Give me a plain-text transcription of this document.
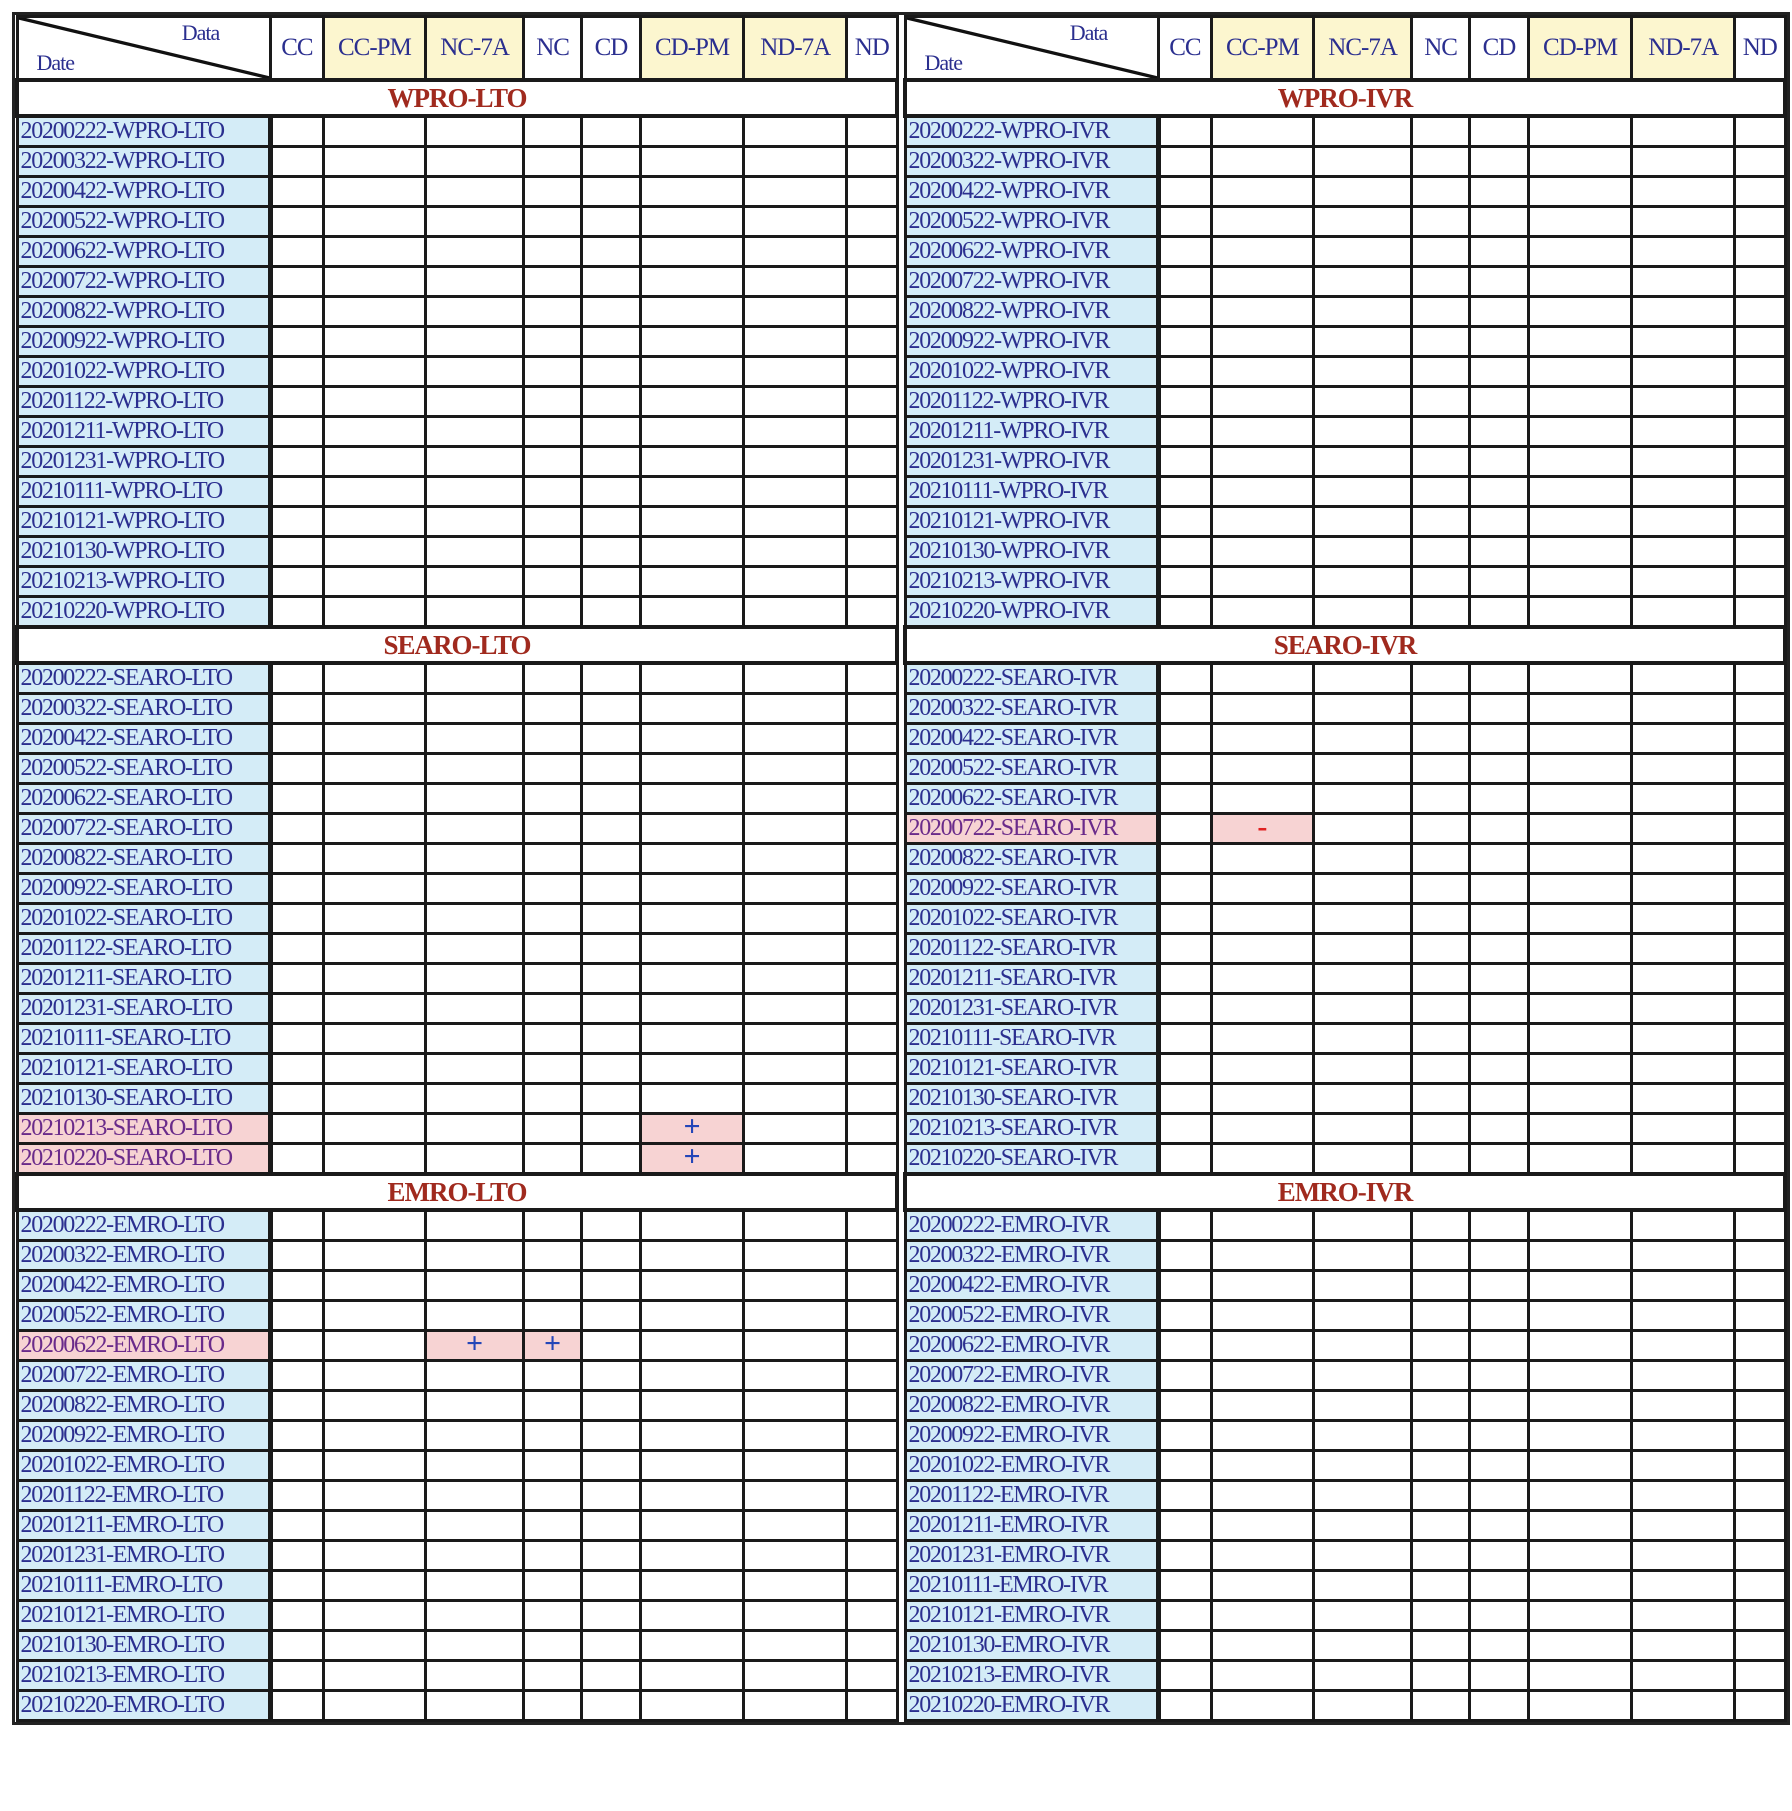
Data
Date	CC	CC-PM	NC-7A	NC	CD	CD-PM	ND-7A	ND
WPRO-LTO								
20200222-WPRO-LTO								
20200322-WPRO-LTO								
20200422-WPRO-LTO								
20200522-WPRO-LTO								
20200622-WPRO-LTO								
20200722-WPRO-LTO								
20200822-WPRO-LTO								
20200922-WPRO-LTO								
20201022-WPRO-LTO								
20201122-WPRO-LTO								
20201211-WPRO-LTO								
20201231-WPRO-LTO								
20210111-WPRO-LTO								
20210121-WPRO-LTO								
20210130-WPRO-LTO								
20210213-WPRO-LTO								
20210220-WPRO-LTO								
SEARO-LTO								
20200222-SEARO-LTO								
20200322-SEARO-LTO								
20200422-SEARO-LTO								
20200522-SEARO-LTO								
20200622-SEARO-LTO								
20200722-SEARO-LTO								
20200822-SEARO-LTO								
20200922-SEARO-LTO								
20201022-SEARO-LTO								
20201122-SEARO-LTO								
20201211-SEARO-LTO								
20201231-SEARO-LTO								
20210111-SEARO-LTO								
20210121-SEARO-LTO								
20210130-SEARO-LTO								
20210213-SEARO-LTO						+		
20210220-SEARO-LTO						+		
EMRO-LTO								
20200222-EMRO-LTO								
20200322-EMRO-LTO								
20200422-EMRO-LTO								
20200522-EMRO-LTO								
20200622-EMRO-LTO			+	+				
20200722-EMRO-LTO								
20200822-EMRO-LTO								
20200922-EMRO-LTO								
20201022-EMRO-LTO								
20201122-EMRO-LTO								
20201211-EMRO-LTO								
20201231-EMRO-LTO								
20210111-EMRO-LTO								
20210121-EMRO-LTO								
20210130-EMRO-LTO								
20210213-EMRO-LTO								
20210220-EMRO-LTO								
Data
Date	CC	CC-PM	NC-7A	NC	CD	CD-PM	ND-7A	ND
WPRO-IVR								
20200222-WPRO-IVR								
20200322-WPRO-IVR								
20200422-WPRO-IVR								
20200522-WPRO-IVR								
20200622-WPRO-IVR								
20200722-WPRO-IVR								
20200822-WPRO-IVR								
20200922-WPRO-IVR								
20201022-WPRO-IVR								
20201122-WPRO-IVR								
20201211-WPRO-IVR								
20201231-WPRO-IVR								
20210111-WPRO-IVR								
20210121-WPRO-IVR								
20210130-WPRO-IVR								
20210213-WPRO-IVR								
20210220-WPRO-IVR								
SEARO-IVR								
20200222-SEARO-IVR								
20200322-SEARO-IVR								
20200422-SEARO-IVR								
20200522-SEARO-IVR								
20200622-SEARO-IVR								
20200722-SEARO-IVR		-						
20200822-SEARO-IVR								
20200922-SEARO-IVR								
20201022-SEARO-IVR								
20201122-SEARO-IVR								
20201211-SEARO-IVR								
20201231-SEARO-IVR								
20210111-SEARO-IVR								
20210121-SEARO-IVR								
20210130-SEARO-IVR								
20210213-SEARO-IVR								
20210220-SEARO-IVR								
EMRO-IVR								
20200222-EMRO-IVR								
20200322-EMRO-IVR								
20200422-EMRO-IVR								
20200522-EMRO-IVR								
20200622-EMRO-IVR								
20200722-EMRO-IVR								
20200822-EMRO-IVR								
20200922-EMRO-IVR								
20201022-EMRO-IVR								
20201122-EMRO-IVR								
20201211-EMRO-IVR								
20201231-EMRO-IVR								
20210111-EMRO-IVR								
20210121-EMRO-IVR								
20210130-EMRO-IVR								
20210213-EMRO-IVR								
20210220-EMRO-IVR								
